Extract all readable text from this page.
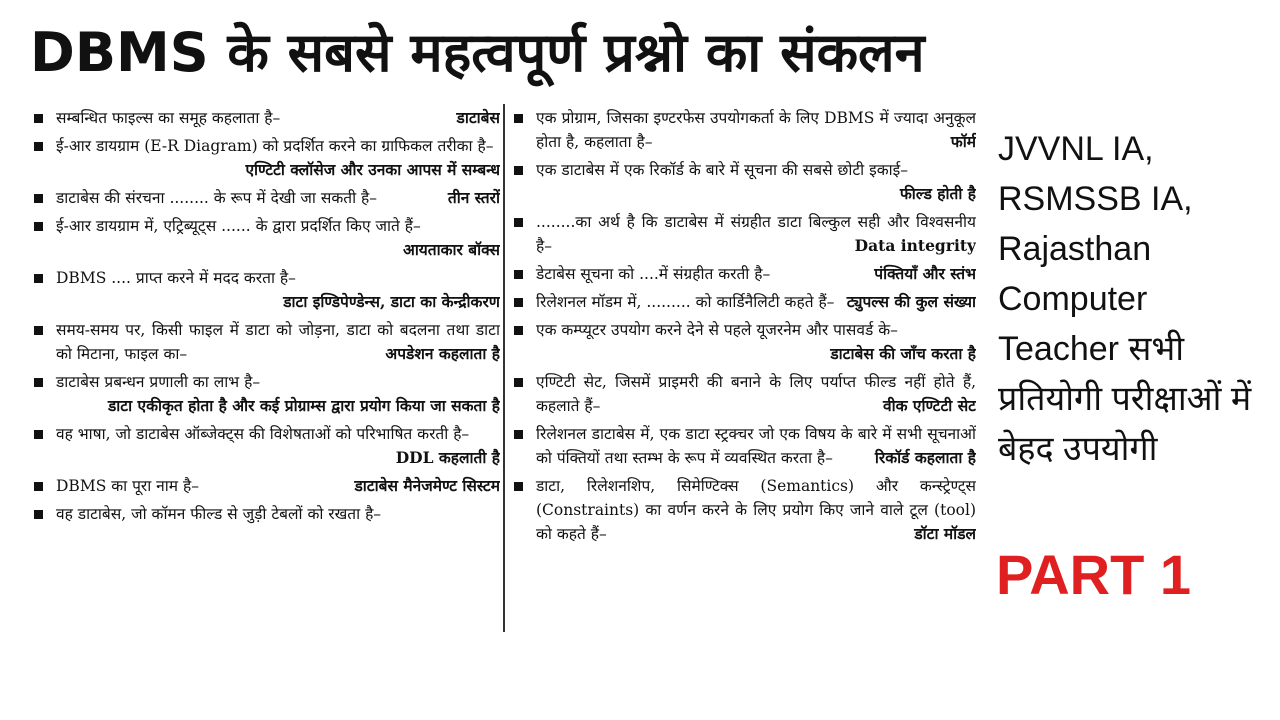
DBMS के सबसे महत्वपूर्ण प्रश्नो का संकलन
सम्बन्धित फाइल्स का समूह कहलाता है–	डाटाबेस
ई-आर डायग्राम (E-R Diagram) को प्रदर्शित करने का ग्राफिकल तरीका है–
एण्टिटी क्लॉसेज और उनका आपस में सम्बन्ध
डाटाबेस की संरचना ........ के रूप में देखी जा सकती है–	तीन स्तरों
ई-आर डायग्राम में, एट्रिब्यूट्स ...... के द्वारा प्रदर्शित किए जाते हैं–
आयताकार बॉक्स
DBMS .... प्राप्त करने में मदद करता है–
डाटा इण्डिपेण्डेन्स, डाटा का केन्द्रीकरण
समय-समय पर, किसी फाइल में डाटा को जोड़ना, डाटा को बदलना तथा डाटा को मिटाना, फाइल का–	अपडेशन कहलाता है
डाटाबेस प्रबन्धन प्रणाली का लाभ है–
डाटा एकीकृत होता है और कई प्रोग्राम्स द्वारा प्रयोग किया जा सकता है
वह भाषा, जो डाटाबेस ऑब्जेक्ट्स की विशेषताओं को परिभाषित करती है–
DDL कहलाती है
DBMS का पूरा नाम है–	डाटाबेस मैनेजमेण्ट सिस्टम
वह डाटाबेस, जो कॉमन फील्ड से जुड़ी टेबलों को रखता है–
एक प्रोग्राम, जिसका इण्टरफेस उपयोगकर्ता के लिए DBMS में ज्यादा अनुकूल होता है, कहलाता है–	फॉर्म
एक डाटाबेस में एक रिकॉर्ड के बारे में सूचना की सबसे छोटी इकाई–
फील्ड होती है
........का अर्थ है कि डाटाबेस में संग्रहीत डाटा बिल्कुल सही और विश्वसनीय है–	Data integrity
डेटाबेस सूचना को ....में संग्रहीत करती है–	पंक्तियाँ और स्तंभ
रिलेशनल मॉडम में, ......... को कार्डिनैलिटी कहते हैं– ट्युपल्स की कुल संख्या
एक कम्प्यूटर उपयोग करने देने से पहले यूजरनेम और पासवर्ड के–
डाटाबेस की जाँच करता है
एण्टिटी सेट, जिसमें प्राइमरी की बनाने के लिए पर्याप्त फील्ड नहीं होते हैं, कहलाते हैं–	वीक एण्टिटी सेट
रिलेशनल डाटाबेस में, एक डाटा स्ट्रक्चर जो एक विषय के बारे में सभी सूचनाओं को पंक्तियों तथा स्तम्भ के रूप में व्यवस्थित करता है–	रिकॉर्ड कहलाता है
डाटा, रिलेशनशिप, सिमेण्टिक्स (Semantics) और कन्स्ट्रेण्ट्स (Constraints) का वर्णन करने के लिए प्रयोग किए जाने वाले टूल (tool) को कहते हैं–	डॉटा मॉडल
JVVNL IA, RSMSSB IA, Rajasthan Computer Teacher सभी प्रतियोगी परीक्षाओं में बेहद उपयोगी
PART 1
